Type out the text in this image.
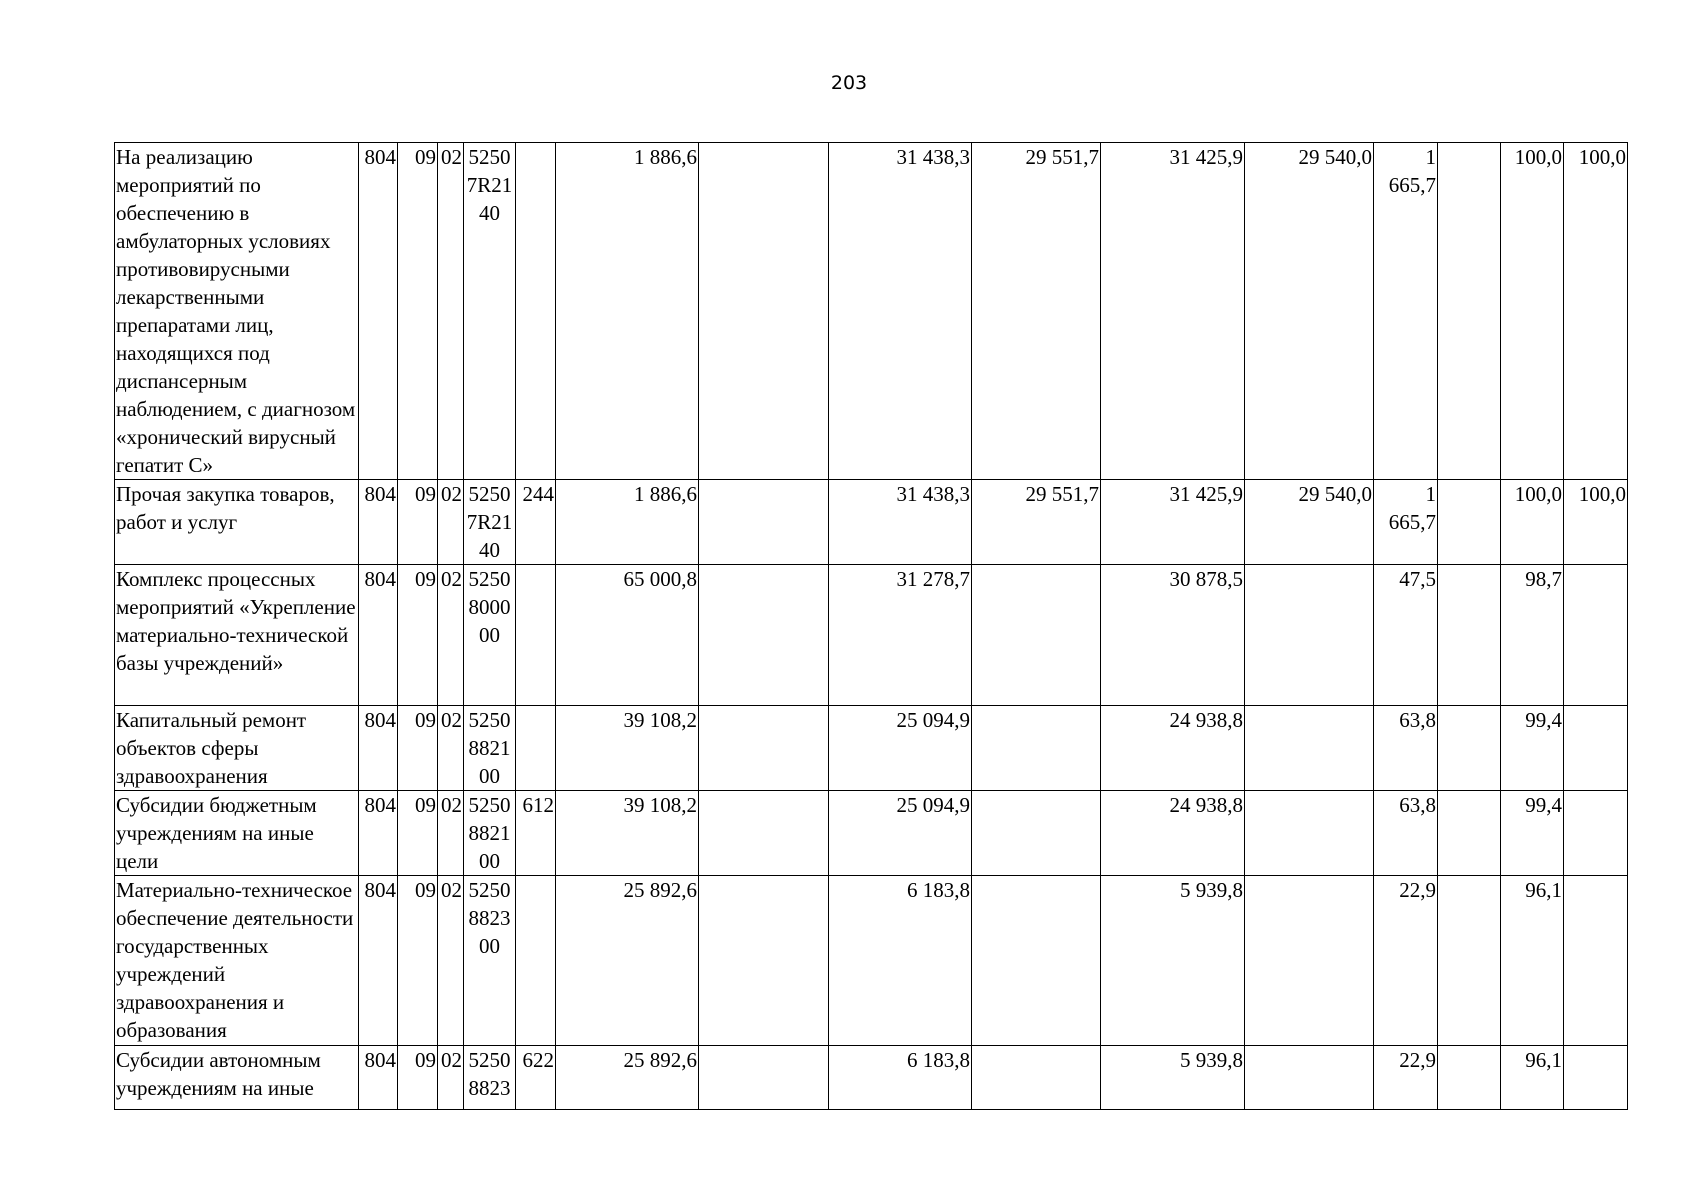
203
На реализацию мероприятий по обеспечению в амбулаторных условиях противовирусными лекарственными препаратами лиц, находящихся под диспансерным наблюдением, с диагнозом «хронический вирусный гепатит С»	804	09	02	52507R2140		1 886,6		31 438,3	29 551,7	31 425,9	29 540,0	1 665,7		100,0	100,0
Прочая закупка товаров, работ и услуг	804	09	02	52507R2140	244	1 886,6		31 438,3	29 551,7	31 425,9	29 540,0	1 665,7		100,0	100,0
Комплекс процессных мероприятий «Укрепление материально-технической базы учреждений»	804	09	02	5250800000		65 000,8		31 278,7		30 878,5		47,5		98,7	
Капитальный ремонт объектов сферы здравоохранения	804	09	02	5250882100		39 108,2		25 094,9		24 938,8		63,8		99,4	
Субсидии бюджетным учреждениям на иные цели	804	09	02	5250882100	612	39 108,2		25 094,9		24 938,8		63,8		99,4	
Материально-техническое обеспечение деятельности государственных учреждений здравоохранения и образования	804	09	02	5250882300		25 892,6		6 183,8		5 939,8		22,9		96,1	
Субсидии автономным учреждениям на иные	804	09	02	52508823	622	25 892,6		6 183,8		5 939,8		22,9		96,1	
